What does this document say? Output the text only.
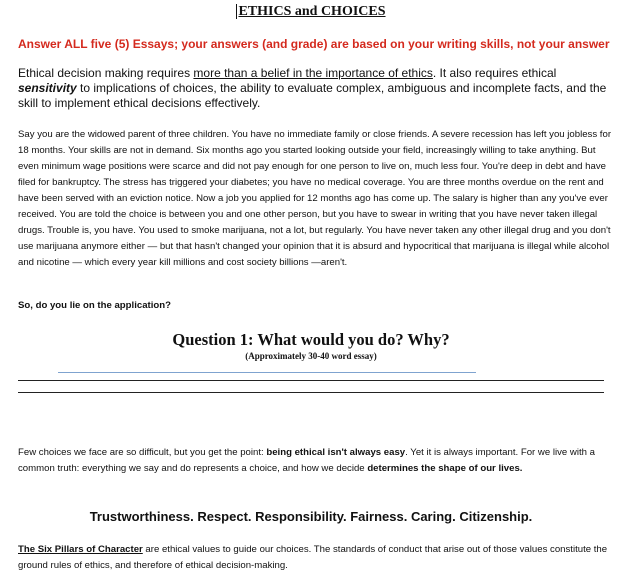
ETHICS and CHOICES
Answer ALL five (5) Essays; your answers (and grade) are based on your writing skills, not your answer
Ethical decision making requires more than a belief in the importance of ethics. It also requires ethical sensitivity to implications of choices, the ability to evaluate complex, ambiguous and incomplete facts, and the skill to implement ethical decisions effectively.

Say you are the widowed parent of three children. You have no immediate family or close friends. A severe recession has left you jobless for 18 months. Your skills are not in demand. Six months ago you started looking outside your field, increasingly willing to take anything. But even minimum wage positions were scarce and did not pay enough for one person to live on, much less four. You're deep in debt and have filed for bankruptcy. The stress has triggered your diabetes; you have no medical coverage. You are three months overdue on the rent and have been served with an eviction notice. Now a job you applied for 12 months ago has come up. The salary is higher than any you've ever received. You are told the choice is between you and one other person, but you have to swear in writing that you have never taken illegal drugs. Trouble is, you have. You used to smoke marijuana, not a lot, but regularly. You have never taken any other illegal drug and you don't use marijuana anymore either — but that hasn't changed your opinion that it is absurd and hypocritical that marijuana is illegal while alcohol and nicotine — which every year kill millions and cost society billions —aren't.

So, do you lie on the application?
Question 1: What would you do? Why?
(Approximately 30-40 word essay)
Few choices we face are so difficult, but you get the point: being ethical isn't always easy. Yet it is always important. For we live with a common truth: everything we say and do represents a choice, and how we decide determines the shape of our lives.
Trustworthiness. Respect. Responsibility. Fairness. Caring. Citizenship.
The Six Pillars of Character are ethical values to guide our choices. The standards of conduct that arise out of those values constitute the ground rules of ethics, and therefore of ethical decision-making.
